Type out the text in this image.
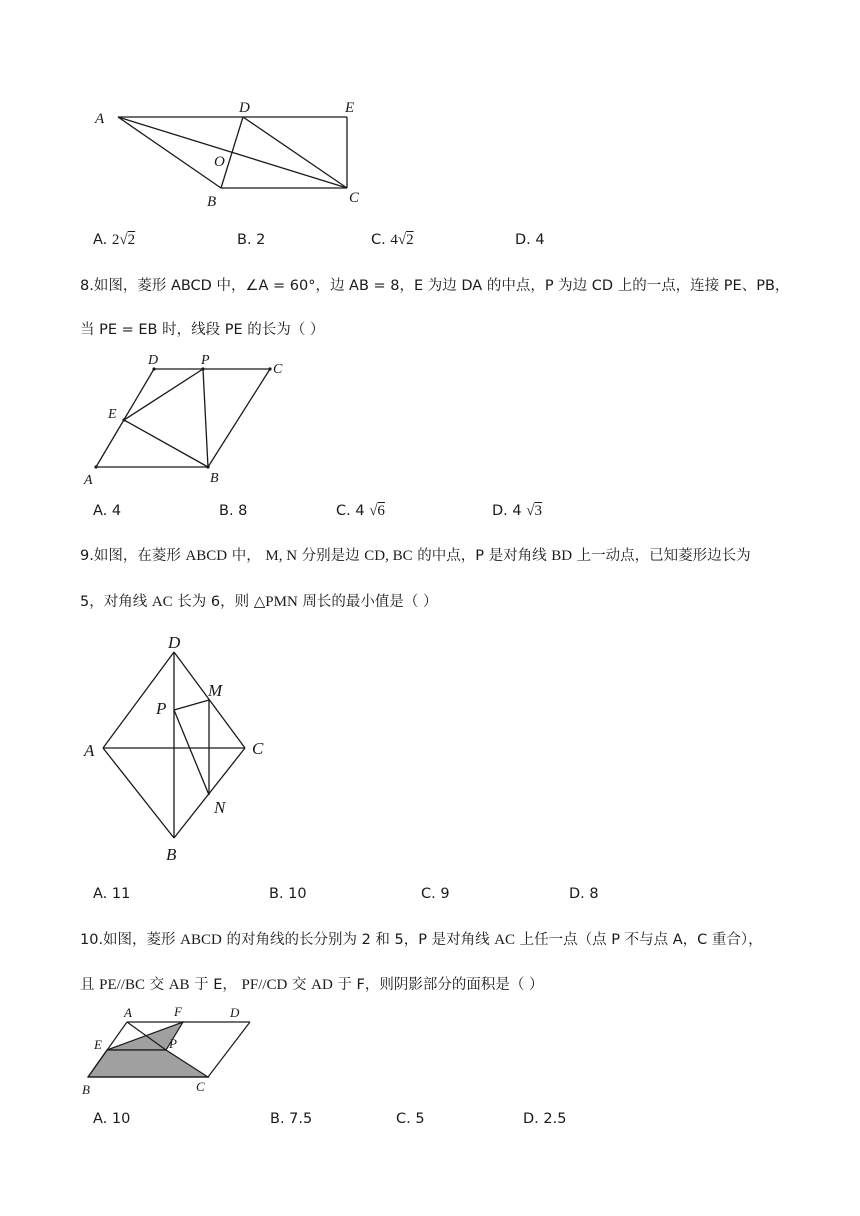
A
D	E
O
B	C
A. 2√2	B. 2	C. 4√2	D. 4
8.如图，菱形 ABCD 中，∠A = 60°，边 AB = 8，E 为边 DA 的中点，P 为边 CD 上的一点，连接 PE、PB，
当 PE = EB 时，线段 PE 的长为（ ）
D	P
C
E
A	B
A. 4	B. 8	C. 4 √6	D. 4 √3
9.如图，在菱形 ABCD 中， M, N 分别是边 CD, BC 的中点，P 是对角线 BD 上一动点，已知菱形边长为
5，对角线 AC 长为 6，则 △PMN 周长的最小值是（ ）
D
M
P
A	C
N
B
A. 11	B. 10	C. 9	D. 8
10.如图，菱形 ABCD 的对角线的长分别为 2 和 5，P 是对角线 AC 上任一点（点 P 不与点 A，C 重合），
且 PE//BC 交 AB 于 E， PF//CD 交 AD 于 F，则阴影部分的面积是（ ）
A	F	D
E	P
B	C
A. 10	B. 7.5	C. 5	D. 2.5
